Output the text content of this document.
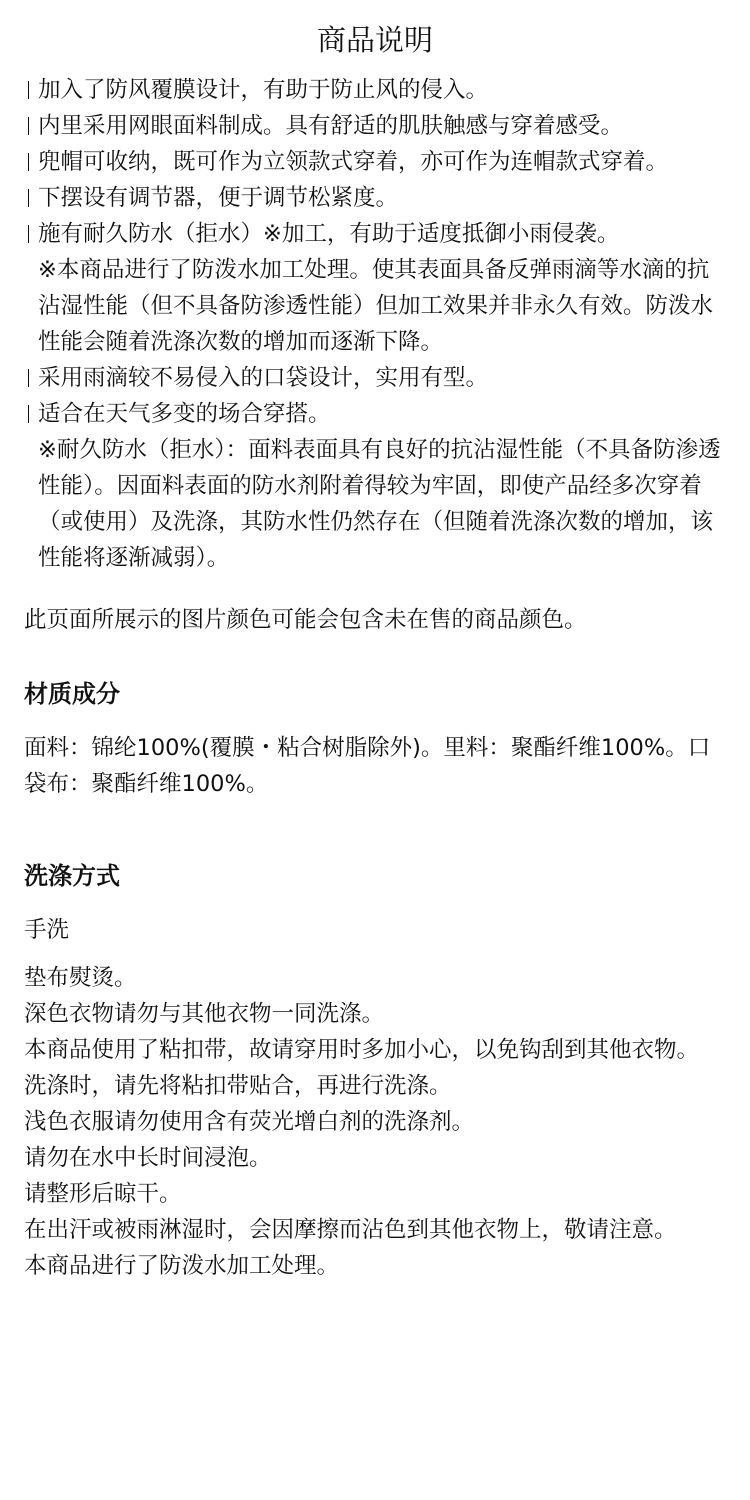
商品说明
加入了防风覆膜设计，有助于防止风的侵入。
内里采用网眼面料制成。具有舒适的肌肤触感与穿着感受。
兜帽可收纳，既可作为立领款式穿着，亦可作为连帽款式穿着。
下摆设有调节器，便于调节松紧度。
施有耐久防水（拒水）※加工，有助于适度抵御小雨侵袭。
※本商品进行了防泼水加工处理。使其表面具备反弹雨滴等水滴的抗沾湿性能（但不具备防渗透性能）但加工效果并非永久有效。防泼水性能会随着洗涤次数的增加而逐渐下降。
采用雨滴较不易侵入的口袋设计，实用有型。
适合在天气多变的场合穿搭。
※耐久防水（拒水）：面料表面具有良好的抗沾湿性能（不具备防渗透性能）。因面料表面的防水剂附着得较为牢固，即使产品经多次穿着（或使用）及洗涤，其防水性仍然存在（但随着洗涤次数的增加，该性能将逐渐减弱）。

此页面所展示的图片颜色可能会包含未在售的商品颜色。

材质成分

面料：锦纶100%(覆膜・粘合树脂除外)。里料：聚酯纤维100%。口袋布：聚酯纤维100%。

洗涤方式

手洗

垫布熨烫。
深色衣物请勿与其他衣物一同洗涤。
本商品使用了粘扣带，故请穿用时多加小心，以免钩刮到其他衣物。
洗涤时，请先将粘扣带贴合，再进行洗涤。
浅色衣服请勿使用含有荧光增白剂的洗涤剂。
请勿在水中长时间浸泡。
请整形后晾干。
在出汗或被雨淋湿时，会因摩擦而沾色到其他衣物上，敬请注意。
本商品进行了防泼水加工处理。
